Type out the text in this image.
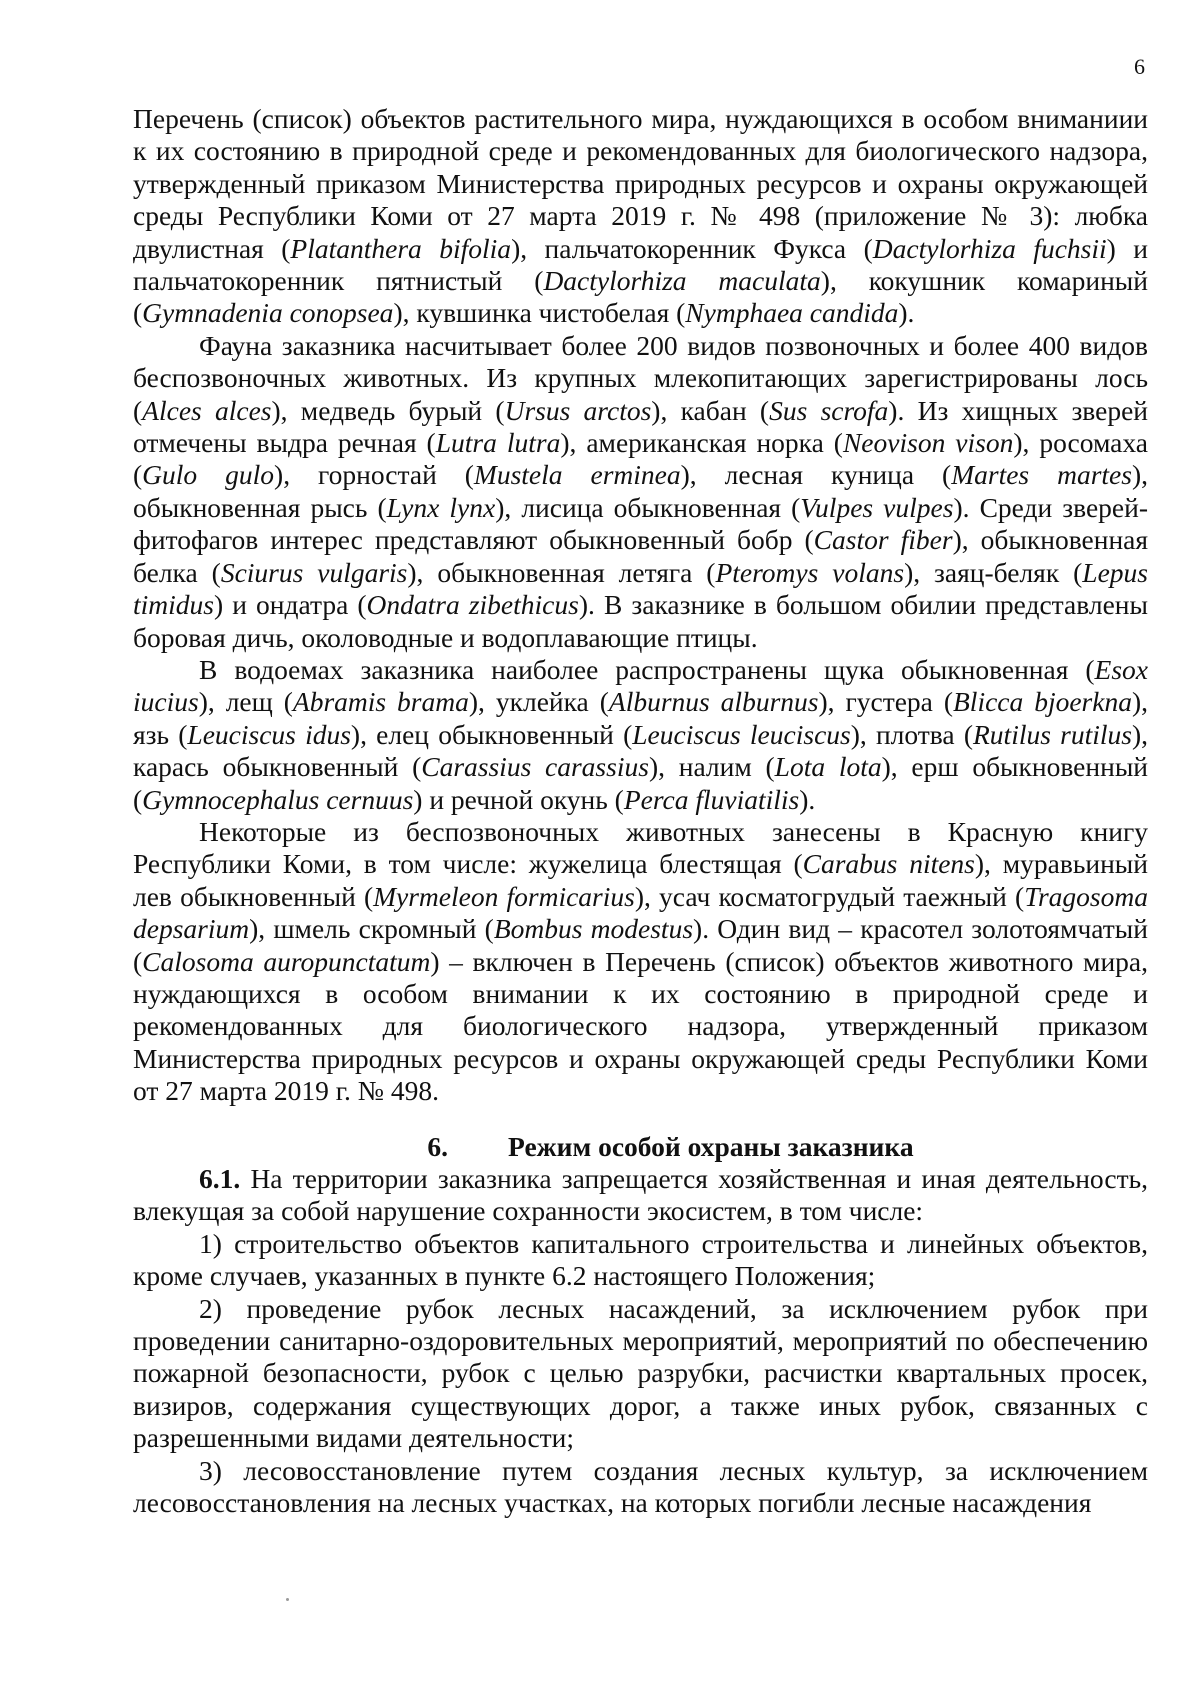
6

Перечень (список) объектов растительного мира, нуждающихся в особом вниманиии к их состоянию в природной среде и рекомендованных для биологического надзора, утвержденный приказом Министерства природных ресурсов и охраны окружающей среды Республики Коми от 27 марта 2019 г. № 498 (приложение № 3): любка двулистная (Platanthera bifolia), пальчатокоренник Фукса (Dactylorhiza fuchsii) и пальчатокоренник пятнистый (Dactylorhiza maculata), кокушник комариный (Gymnadenia conopsea), кувшинка чистобелая (Nymphaea candida).

Фауна заказника насчитывает более 200 видов позвоночных и более 400 видов беспозвоночных животных. Из крупных млекопитающих зарегистрированы лось (Alces alces), медведь бурый (Ursus arctos), кабан (Sus scrofa). Из хищных зверей отмечены выдра речная (Lutra lutra), американская норка (Neovison vison), росомаха (Gulo gulo), горностай (Mustela erminea), лесная куница (Martes martes), обыкновенная рысь (Lynx lynx), лисица обыкновенная (Vulpes vulpes). Среди зверей-фитофагов интерес представляют обыкновенный бобр (Castor fiber), обыкновенная белка (Sciurus vulgaris), обыкновенная летяга (Pteromys volans), заяц-беляк (Lepus timidus) и ондатра (Ondatra zibethicus). В заказнике в большом обилии представлены боровая дичь, околоводные и водоплавающие птицы.

В водоемах заказника наиболее распространены щука обыкновенная (Esox iucius), лещ (Abramis brama), уклейка (Alburnus alburnus), густера (Blicca bjoerkna), язь (Leuciscus idus), елец обыкновенный (Leuciscus leuciscus), плотва (Rutilus rutilus), карась обыкновенный (Carassius carassius), налим (Lota lota), ерш обыкновенный (Gymnocephalus cernuus) и речной окунь (Perca fluviatilis).

Некоторые из беспозвоночных животных занесены в Красную книгу Республики Коми, в том числе: жужелица блестящая (Carabus nitens), муравьиный лев обыкновенный (Myrmeleon formicarius), усач косматогрудый таежный (Tragosoma depsarium), шмель скромный (Bombus modestus). Один вид – красотел золотоямчатый (Calosoma auropunctatum) – включен в Перечень (список) объектов животного мира, нуждающихся в особом внимании к их состоянию в природной среде и рекомендованных для биологического надзора, утвержденный приказом Министерства природных ресурсов и охраны окружающей среды Республики Коми от 27 марта 2019 г. № 498.

6. Режим особой охраны заказника

6.1. На территории заказника запрещается хозяйственная и иная деятельность, влекущая за собой нарушение сохранности экосистем, в том числе:

1) строительство объектов капитального строительства и линейных объектов, кроме случаев, указанных в пункте 6.2 настоящего Положения;

2) проведение рубок лесных насаждений, за исключением рубок при проведении санитарно-оздоровительных мероприятий, мероприятий по обеспечению пожарной безопасности, рубок с целью разрубки, расчистки квартальных просек, визиров, содержания существующих дорог, а также иных рубок, связанных с разрешенными видами деятельности;

3) лесовосстановление путем создания лесных культур, за исключением лесовосстановления на лесных участках, на которых погибли лесные насаждения
